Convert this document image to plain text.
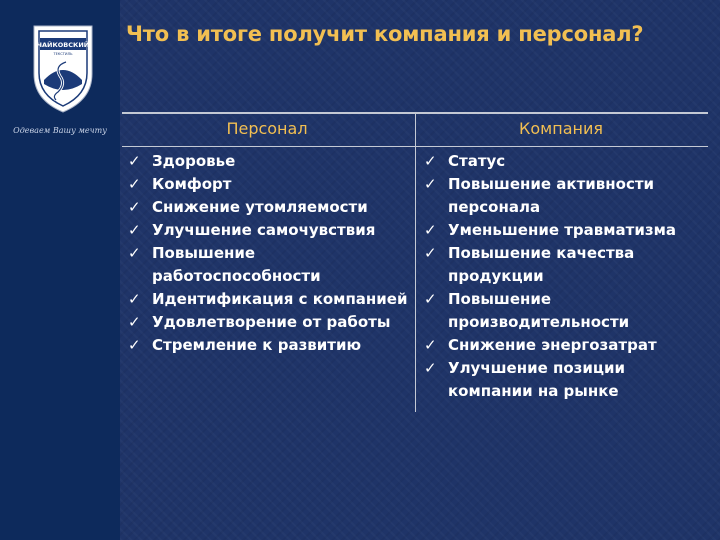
ЧАЙКОВСКИЙ
ТЕКСТИЛЬ
Одеваем Вашу мечту
Что в итоге получит компания и персонал?
Персонал	Компания
✓ Здоровье
✓ Комфорт
✓ Снижение утомляемости
✓ Улучшение самочувствия
✓ Повышение работоспособности
✓ Идентификация с компанией
✓ Удовлетворение от работы
✓ Стремление к развитию
✓ Статус
✓ Повышение активности персонала
✓ Уменьшение травматизма
✓ Повышение качества продукции
✓ Повышение производительности
✓ Снижение энергозатрат
✓ Улучшение позиции компании на рынке
